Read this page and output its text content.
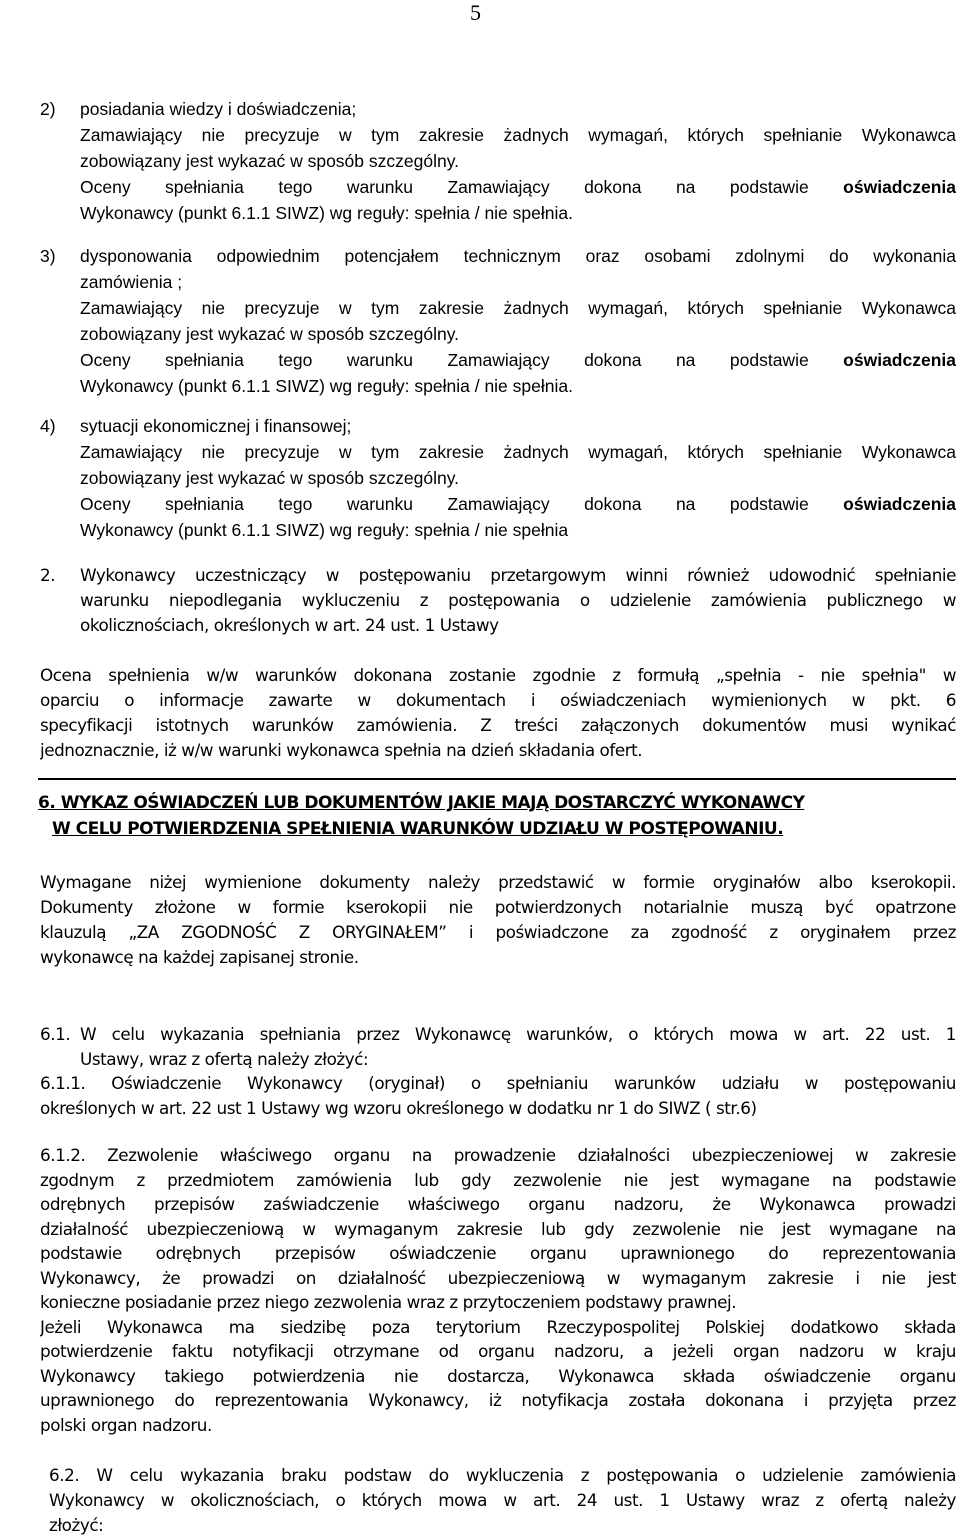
5
2) posiadania wiedzy i doświadczenia;
Zamawiający nie precyzuje w tym zakresie żadnych wymagań, których spełnianie Wykonawca
zobowiązany jest wykazać w sposób szczególny.
Oceny spełniania tego warunku Zamawiający dokona na podstawie oświadczenia
Wykonawcy (punkt 6.1.1 SIWZ) wg reguły: spełnia / nie spełnia.
3) dysponowania odpowiednim potencjałem technicznym oraz osobami zdolnymi do wykonania
zamówienia ;
Zamawiający nie precyzuje w tym zakresie żadnych wymagań, których spełnianie Wykonawca
zobowiązany jest wykazać w sposób szczególny.
Oceny spełniania tego warunku Zamawiający dokona na podstawie oświadczenia
Wykonawcy (punkt 6.1.1 SIWZ) wg reguły: spełnia / nie spełnia.
4) sytuacji ekonomicznej i finansowej;
Zamawiający nie precyzuje w tym zakresie żadnych wymagań, których spełnianie Wykonawca
zobowiązany jest wykazać w sposób szczególny.
Oceny spełniania tego warunku Zamawiający dokona na podstawie oświadczenia
Wykonawcy (punkt 6.1.1 SIWZ) wg reguły: spełnia / nie spełnia
2. Wykonawcy uczestniczący w postępowaniu przetargowym winni również udowodnić spełnianie
warunku niepodlegania wykluczeniu z postępowania o udzielenie zamówienia publicznego w
okolicznościach, określonych w art. 24 ust. 1 Ustawy
Ocena spełnienia w/w warunków dokonana zostanie zgodnie z formułą „spełnia - nie spełnia" w
oparciu o informacje zawarte w dokumentach i oświadczeniach wymienionych w pkt. 6
specyfikacji istotnych warunków zamówienia. Z treści załączonych dokumentów musi wynikać
jednoznacznie, iż w/w warunki wykonawca spełnia na dzień składania ofert.
6. WYKAZ OŚWIADCZEŃ LUB DOKUMENTÓW JAKIE MAJĄ DOSTARCZYĆ WYKONAWCY
W CELU POTWIERDZENIA SPEŁNIENIA WARUNKÓW UDZIAŁU W POSTĘPOWANIU.
Wymagane niżej wymienione dokumenty należy przedstawić w formie oryginałów albo kserokopii.
Dokumenty złożone w formie kserokopii nie potwierdzonych notarialnie muszą być opatrzone
klauzulą „ZA ZGODNOŚĆ Z ORYGINAŁEM” i poświadczone za zgodność z oryginałem przez
wykonawcę na każdej zapisanej stronie.
6.1. W celu wykazania spełniania przez Wykonawcę warunków, o których mowa w art. 22 ust. 1
Ustawy, wraz z ofertą należy złożyć:
6.1.1. Oświadczenie Wykonawcy (oryginał) o spełnianiu warunków udziału w postępowaniu
określonych w art. 22 ust 1 Ustawy wg wzoru określonego w dodatku nr 1 do SIWZ ( str.6)
6.1.2. Zezwolenie właściwego organu na prowadzenie działalności ubezpieczeniowej w zakresie
zgodnym z przedmiotem zamówienia lub gdy zezwolenie nie jest wymagane na podstawie
odrębnych przepisów zaświadczenie właściwego organu nadzoru, że Wykonawca prowadzi
działalność ubezpieczeniową w wymaganym zakresie lub gdy zezwolenie nie jest wymagane na
podstawie odrębnych przepisów oświadczenie organu uprawnionego do reprezentowania
Wykonawcy, że prowadzi on działalność ubezpieczeniową w wymaganym zakresie i nie jest
konieczne posiadanie przez niego zezwolenia wraz z przytoczeniem podstawy prawnej.
Jeżeli Wykonawca ma siedzibę poza terytorium Rzeczypospolitej Polskiej dodatkowo składa
potwierdzenie faktu notyfikacji otrzymane od organu nadzoru, a jeżeli organ nadzoru w kraju
Wykonawcy takiego potwierdzenia nie dostarcza, Wykonawca składa oświadczenie organu
uprawnionego do reprezentowania Wykonawcy, iż notyfikacja została dokonana i przyjęta przez
polski organ nadzoru.
6.2. W celu wykazania braku podstaw do wykluczenia z postępowania o udzielenie zamówienia
Wykonawcy w okolicznościach, o których mowa w art. 24 ust. 1 Ustawy wraz z ofertą należy
złożyć:
